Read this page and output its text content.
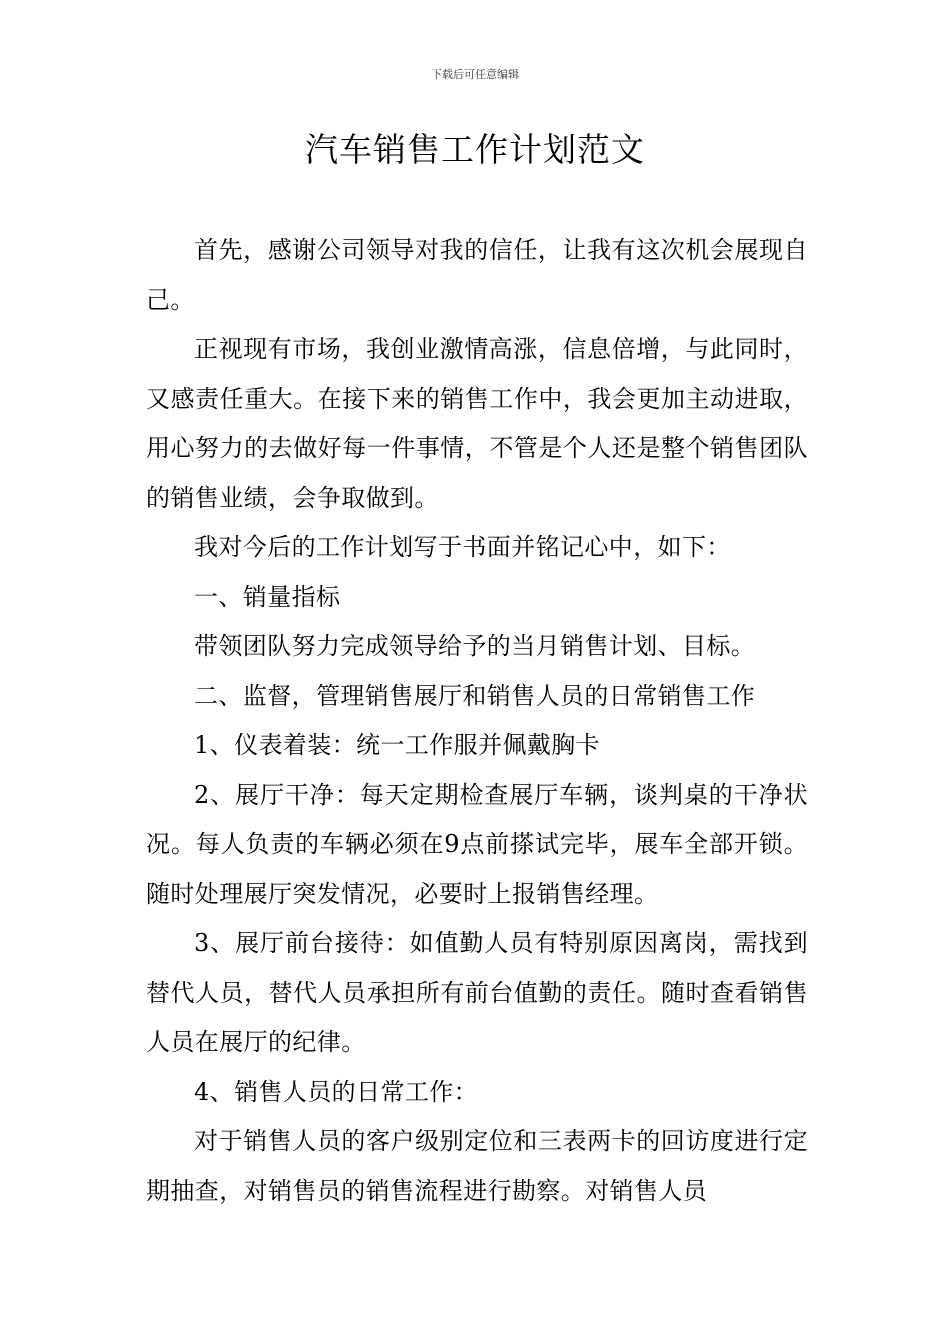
下载后可任意编辑
汽车销售工作计划范文

首先，感谢公司领导对我的信任，让我有这次机会展现自己。

正视现有市场，我创业激情高涨，信息倍增，与此同时，又感责任重大。在接下来的销售工作中，我会更加主动进取，用心努力的去做好每一件事情，不管是个人还是整个销售团队的销售业绩，会争取做到。

我对今后的工作计划写于书面并铭记心中，如下：

一、销量指标

带领团队努力完成领导给予的当月销售计划、目标。

二、监督，管理销售展厅和销售人员的日常销售工作

1、仪表着装：统一工作服并佩戴胸卡

2、展厅干净：每天定期检查展厅车辆，谈判桌的干净状况。每人负责的车辆必须在9点前搽试完毕，展车全部开锁。随时处理展厅突发情况，必要时上报销售经理。

3、展厅前台接待：如值勤人员有特别原因离岗，需找到替代人员，替代人员承担所有前台值勤的责任。随时查看销售人员在展厅的纪律。

4、销售人员的日常工作：

对于销售人员的客户级别定位和三表两卡的回访度进行定期抽查，对销售员的销售流程进行勘察。对销售人员
